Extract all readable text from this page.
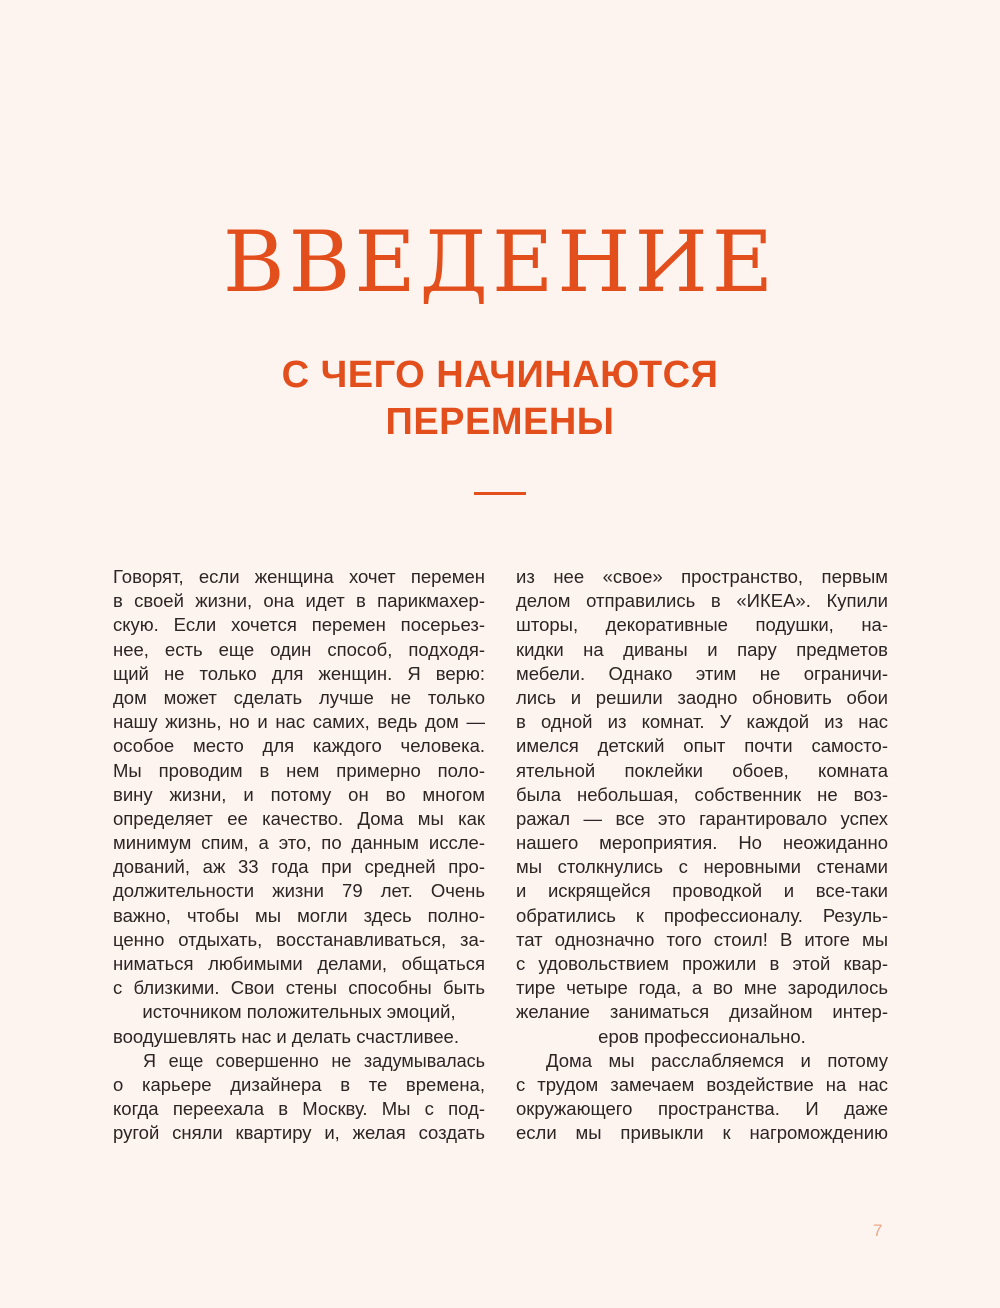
ВВЕДЕНИЕ
С ЧЕГО НАЧИНАЮТСЯ
ПЕРЕМЕНЫ
Говорят, если женщина хочет перемен
в своей жизни, она идет в парикмахер-
скую. Если хочется перемен посерьез-
нее, есть еще один способ, подходя-
щий не только для женщин. Я верю:
дом может сделать лучше не только
нашу жизнь, но и нас самих, ведь дом —
особое место для каждого человека.
Мы проводим в нем примерно поло-
вину жизни, и потому он во многом
определяет ее качество. Дома мы как
минимум спим, а это, по данным иссле-
дований, аж 33 года при средней про-
должительности жизни 79 лет. Очень
важно, чтобы мы могли здесь полно-
ценно отдыхать, восстанавливаться, за-
ниматься любимыми делами, общаться
с близкими. Свои стены способны быть
источником положительных эмоций,
воодушевлять нас и делать счастливее.
Я еще совершенно не задумывалась
о карьере дизайнера в те времена,
когда переехала в Москву. Мы с под-
ругой сняли квартиру и, желая создать
из нее «свое» пространство, первым
делом отправились в «ИКЕА». Купили
шторы, декоративные подушки, на-
кидки на диваны и пару предметов
мебели. Однако этим не ограничи-
лись и решили заодно обновить обои
в одной из комнат. У каждой из нас
имелся детский опыт почти самосто-
ятельной поклейки обоев, комната
была небольшая, собственник не воз-
ражал — все это гарантировало успех
нашего мероприятия. Но неожиданно
мы столкнулись с неровными стенами
и искрящейся проводкой и все-таки
обратились к профессионалу. Резуль-
тат однозначно того стоил! В итоге мы
с удовольствием прожили в этой квар-
тире четыре года, а во мне зародилось
желание заниматься дизайном интер-
еров профессионально.
Дома мы расслабляемся и потому
с трудом замечаем воздействие на нас
окружающего пространства. И даже
если мы привыкли к нагромождению
7
